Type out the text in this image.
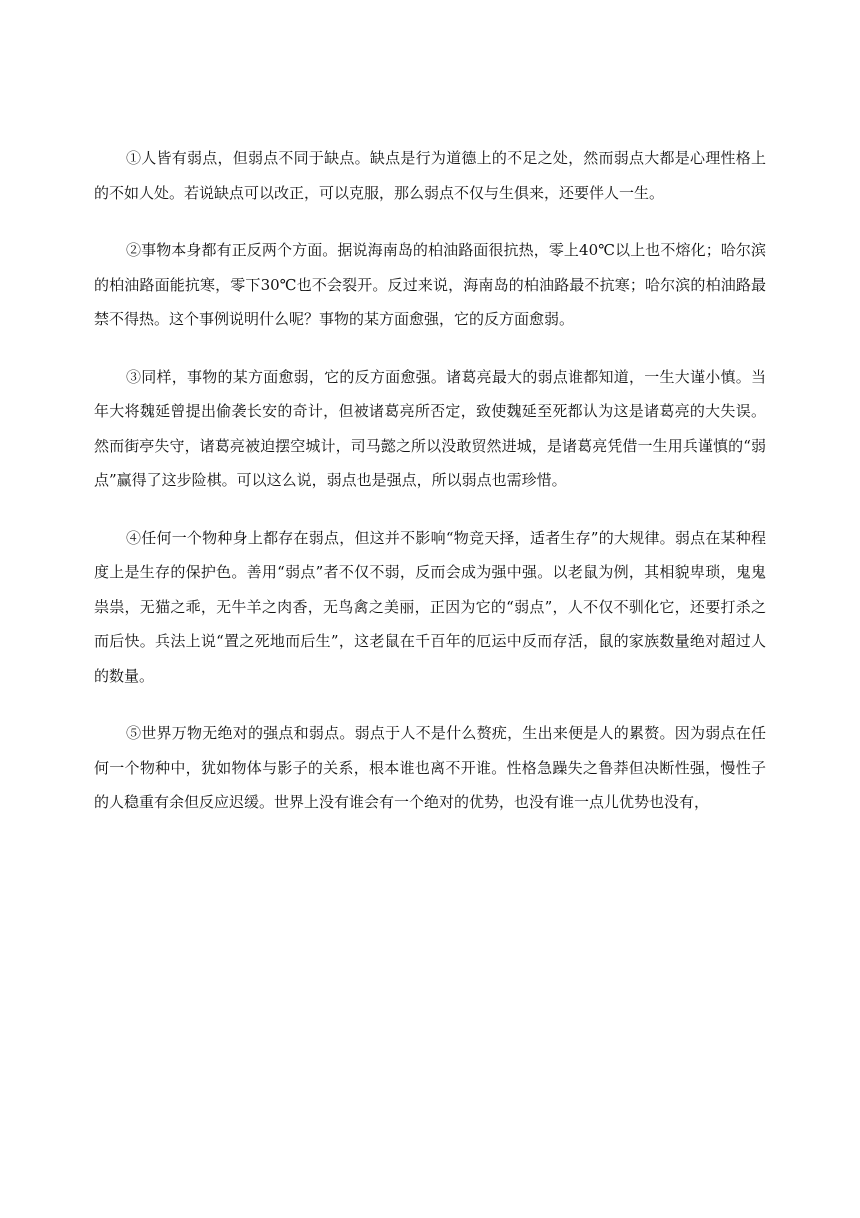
①人皆有弱点，但弱点不同于缺点。缺点是行为道德上的不足之处，然而弱点大都是心理性格上的不如人处。若说缺点可以改正，可以克服，那么弱点不仅与生俱来，还要伴人一生。

②事物本身都有正反两个方面。据说海南岛的柏油路面很抗热，零上40℃以上也不熔化；哈尔滨的柏油路面能抗寒，零下30℃也不会裂开。反过来说，海南岛的柏油路最不抗寒；哈尔滨的柏油路最禁不得热。这个事例说明什么呢？事物的某方面愈强，它的反方面愈弱。

③同样，事物的某方面愈弱，它的反方面愈强。诸葛亮最大的弱点谁都知道，一生大谨小慎。当年大将魏延曾提出偷袭长安的奇计，但被诸葛亮所否定，致使魏延至死都认为这是诸葛亮的大失误。然而街亭失守，诸葛亮被迫摆空城计，司马懿之所以没敢贸然进城，是诸葛亮凭借一生用兵谨慎的“弱点”赢得了这步险棋。可以这么说，弱点也是强点，所以弱点也需珍惜。

④任何一个物种身上都存在弱点，但这并不影响“物竞天择，适者生存”的大规律。弱点在某种程度上是生存的保护色。善用“弱点”者不仅不弱，反而会成为强中强。以老鼠为例，其相貌卑琐，鬼鬼祟祟，无猫之乖，无牛羊之肉香，无鸟禽之美丽，正因为它的“弱点”，人不仅不驯化它，还要打杀之而后快。兵法上说“置之死地而后生”，这老鼠在千百年的厄运中反而存活，鼠的家族数量绝对超过人的数量。

⑤世界万物无绝对的强点和弱点。弱点于人不是什么赘疣，生出来便是人的累赘。因为弱点在任何一个物种中，犹如物体与影子的关系，根本谁也离不开谁。性格急躁失之鲁莽但决断性强，慢性子的人稳重有余但反应迟缓。世界上没有谁会有一个绝对的优势，也没有谁一点儿优势也没有，
